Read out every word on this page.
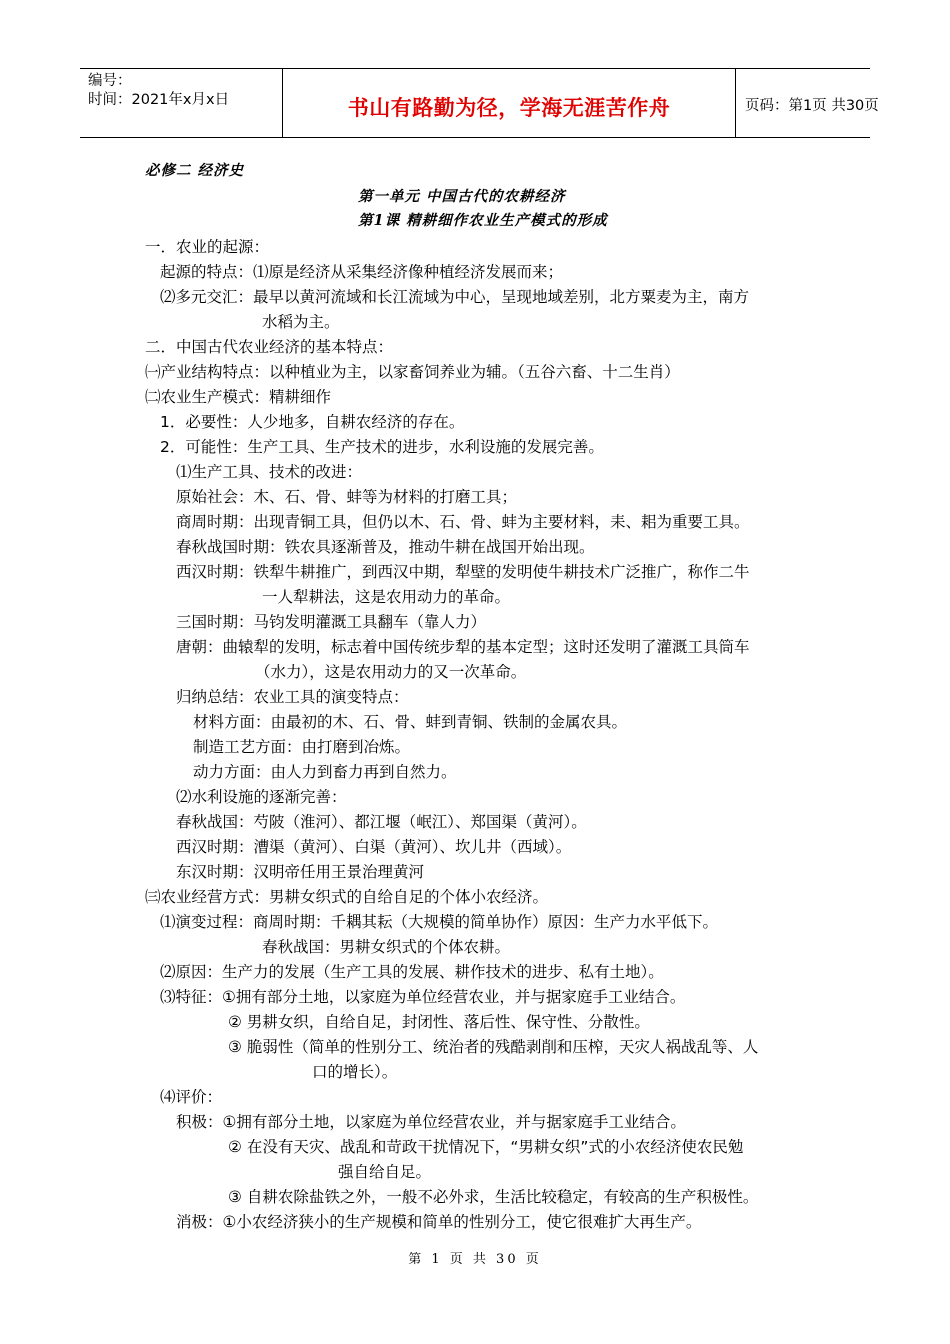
编号：
时间：2021年x月x日	书山有路勤为径，学海无涯苦作舟	页码：第1页 共30页
必修二 经济史
第一单元 中国古代的农耕经济
第1课 精耕细作农业生产模式的形成
一．农业的起源：
起源的特点：⑴原是经济从采集经济像种植经济发展而来；
⑵多元交汇：最早以黄河流域和长江流域为中心，呈现地域差别，北方粟麦为主，南方
水稻为主。
二．中国古代农业经济的基本特点：
㈠产业结构特点：以种植业为主，以家畜饲养业为辅。（五谷六畜、十二生肖）
㈡农业生产模式：精耕细作
1．必要性：人少地多，自耕农经济的存在。
2．可能性：生产工具、生产技术的进步，水利设施的发展完善。
⑴生产工具、技术的改进：
原始社会：木、石、骨、蚌等为材料的打磨工具；
商周时期：出现青铜工具，但仍以木、石、骨、蚌为主要材料，耒、耜为重要工具。
春秋战国时期：铁农具逐渐普及，推动牛耕在战国开始出现。
西汉时期：铁犁牛耕推广，到西汉中期，犁壁的发明使牛耕技术广泛推广，称作二牛
一人犁耕法，这是农用动力的革命。
三国时期：马钧发明灌溉工具翻车（靠人力）
唐朝：曲辕犁的发明，标志着中国传统步犁的基本定型；这时还发明了灌溉工具筒车
（水力），这是农用动力的又一次革命。
归纳总结：农业工具的演变特点：
材料方面：由最初的木、石、骨、蚌到青铜、铁制的金属农具。
制造工艺方面：由打磨到冶炼。
动力方面：由人力到畜力再到自然力。
⑵水利设施的逐渐完善：
春秋战国：芍陂（淮河）、都江堰（岷江）、郑国渠（黄河）。
西汉时期：漕渠（黄河）、白渠（黄河）、坎儿井（西域）。
东汉时期：汉明帝任用王景治理黄河
㈢农业经营方式：男耕女织式的自给自足的个体小农经济。
⑴演变过程：商周时期：千耦其耘（大规模的简单协作）原因：生产力水平低下。
春秋战国：男耕女织式的个体农耕。
⑵原因：生产力的发展（生产工具的发展、耕作技术的进步、私有土地）。
⑶特征：①拥有部分土地，以家庭为单位经营农业，并与据家庭手工业结合。
② 男耕女织，自给自足，封闭性、落后性、保守性、分散性。
③ 脆弱性（简单的性别分工、统治者的残酷剥削和压榨，天灾人祸战乱等、人
口的增长）。
⑷评价：
积极：①拥有部分土地，以家庭为单位经营农业，并与据家庭手工业结合。
② 在没有天灾、战乱和苛政干扰情况下，“男耕女织”式的小农经济使农民勉
强自给自足。
③ 自耕农除盐铁之外，一般不必外求，生活比较稳定，有较高的生产积极性。
消极：①小农经济狭小的生产规模和简单的性别分工，使它很难扩大再生产。
第 1 页 共 30 页
